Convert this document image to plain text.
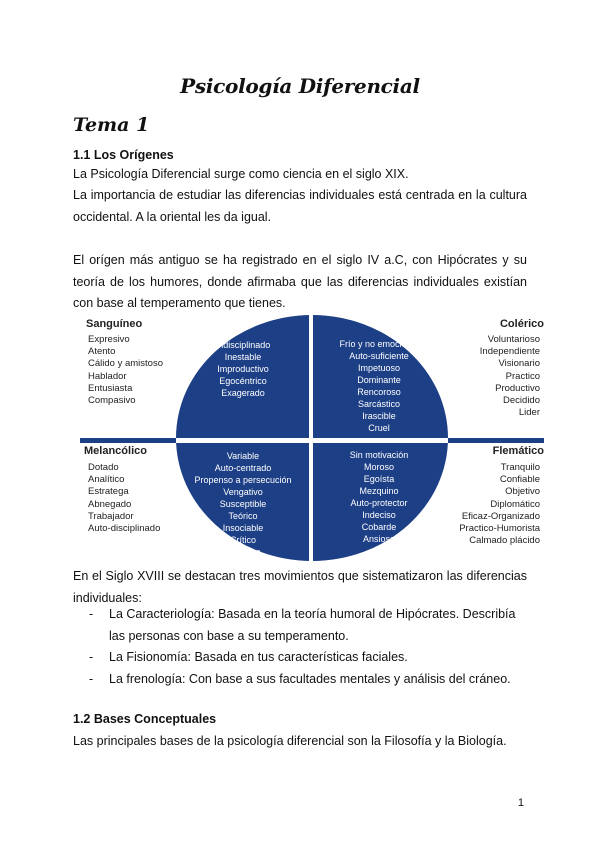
Psicología Diferencial
Tema 1
1.1 Los Orígenes
La Psicología Diferencial surge como ciencia en el siglo XIX.
La importancia de estudiar las diferencias individuales está centrada en la cultura occidental. A la oriental les da igual.
El orígen más antiguo se ha registrado en el siglo IV a.C, con Hipócrates y su teoría de los humores, donde afirmaba que las diferencias individuales existían con base al temperamento que tienes.
Sanguíneo
Expresivo
Atento
Cálido y amistoso
Hablador
Entusiasta
Compasivo
Colérico
Voluntarioso
Independiente
Visionario
Practico
Productivo
Decidido
Lider
Melancólico
Dotado
Analítico
Estratega
Abnegado
Trabajador
Auto-disciplinado
Flemático
Tranquilo
Confiable
Objetivo
Diplomático
Eficaz-Organizado
Practico-Humorista
Calmado plácido
Indisciplinado
Inestable
Improductivo
Egocéntrico
Exagerado
Frío y no emocional
Auto-suficiente
Impetuoso
Dominante
Rencoroso
Sarcástico
Irascible
Cruel
Variable
Auto-centrado
Propenso a persecución
Vengativo
Susceptible
Teórico
Insociable
Crítico
Negativo
Sin motivación
Moroso
Egoísta
Mezquino
Auto-protector
Indeciso
Cobarde
Ansioso
En el Siglo XVIII se destacan tres movimientos que sistematizaron las diferencias individuales:
- La Caracteriología: Basada en la teoría humoral de Hipócrates. Describía las personas con base a su temperamento.
- La Fisionomía: Basada en tus características faciales.
- La frenología: Con base a sus facultades mentales y análisis del cráneo.
1.2 Bases Conceptuales
Las principales bases de la psicología diferencial son la Filosofía y la Biología.
1
